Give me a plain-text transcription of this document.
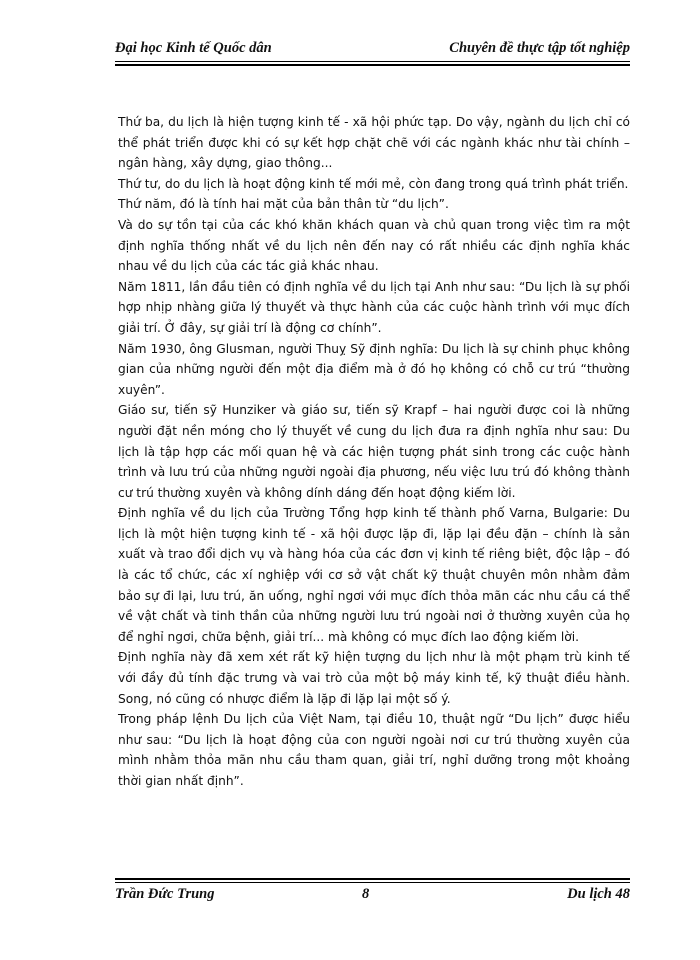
Đại học Kinh tế Quốc dân	Chuyên đề thực tập tốt nghiệp

Thứ ba, du lịch là hiện tượng kinh tế - xã hội phức tạp. Do vậy, ngành du lịch chỉ có thể phát triển được khi có sự kết hợp chặt chẽ với các ngành khác như tài chính – ngân hàng, xây dựng, giao thông...

Thứ tư, do du lịch là hoạt động kinh tế mới mẻ, còn đang trong quá trình phát triển.

Thứ năm, đó là tính hai mặt của bản thân từ “du lịch”.

Và do sự tồn tại của các khó khăn khách quan và chủ quan trong việc tìm ra một định nghĩa thống nhất về du lịch nên đến nay có rất nhiều các định nghĩa khác nhau về du lịch của các tác giả khác nhau.

Năm 1811, lần đầu tiên có định nghĩa về du lịch tại Anh như sau: “Du lịch là sự phối hợp nhịp nhàng giữa lý thuyết và thực hành của các cuộc hành trình với mục đích giải trí. Ở đây, sự giải trí là động cơ chính”.

Năm 1930, ông Glusman, người Thuỵ Sỹ định nghĩa: Du lịch là sự chinh phục không gian của những người đến một địa điểm mà ở đó họ không có chỗ cư trú “thường xuyên”.

Giáo sư, tiến sỹ Hunziker và giáo sư, tiến sỹ Krapf – hai người được coi là những người đặt nền móng cho lý thuyết về cung du lịch đưa ra định nghĩa như sau: Du lịch là tập hợp các mối quan hệ và các hiện tượng phát sinh trong các cuộc hành trình và lưu trú của những người ngoài địa phương, nếu việc lưu trú đó không thành cư trú thường xuyên và không dính dáng đến hoạt động kiếm lời.

Định nghĩa về du lịch của Trường Tổng hợp kinh tế thành phố Varna, Bulgarie: Du lịch là một hiện tượng kinh tế - xã hội được lặp đi, lặp lại đều đặn – chính là sản xuất và trao đổi dịch vụ và hàng hóa của các đơn vị kinh tế riêng biệt, độc lập – đó là các tổ chức, các xí nghiệp với cơ sở vật chất kỹ thuật chuyên môn nhằm đảm bảo sự đi lại, lưu trú, ăn uống, nghỉ ngơi với mục đích thỏa mãn các nhu cầu cá thể về vật chất và tinh thần của những người lưu trú ngoài nơi ở thường xuyên của họ để nghỉ ngơi, chữa bệnh, giải trí... mà không có mục đích lao động kiếm lời.

Định nghĩa này đã xem xét rất kỹ hiện tượng du lịch như là một phạm trù kinh tế với đầy đủ tính đặc trưng và vai trò của một bộ máy kinh tế, kỹ thuật điều hành. Song, nó cũng có nhược điểm là lặp đi lặp lại một số ý.

Trong pháp lệnh Du lịch của Việt Nam, tại điều 10, thuật ngữ “Du lịch” được hiểu như sau: “Du lịch là hoạt động của con người ngoài nơi cư trú thường xuyên của mình nhằm thỏa mãn nhu cầu tham quan, giải trí, nghỉ dưỡng trong một khoảng thời gian nhất định”.

Trần Đức Trung	8	Du lịch 48
